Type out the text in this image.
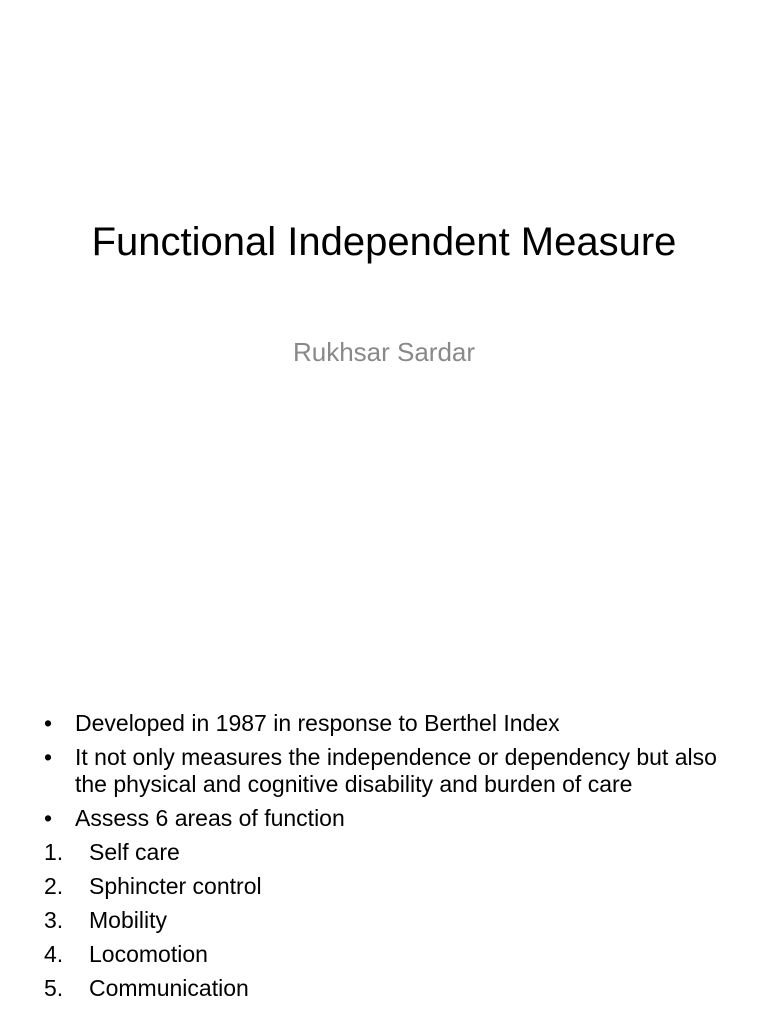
Functional Independent Measure
Rukhsar Sardar
• Developed in 1987 in response to Berthel Index
• It not only measures the independence or dependency but also the physical and cognitive disability and burden of care
• Assess 6 areas of function
1. Self care
2. Sphincter control
3. Mobility
4. Locomotion
5. Communication
